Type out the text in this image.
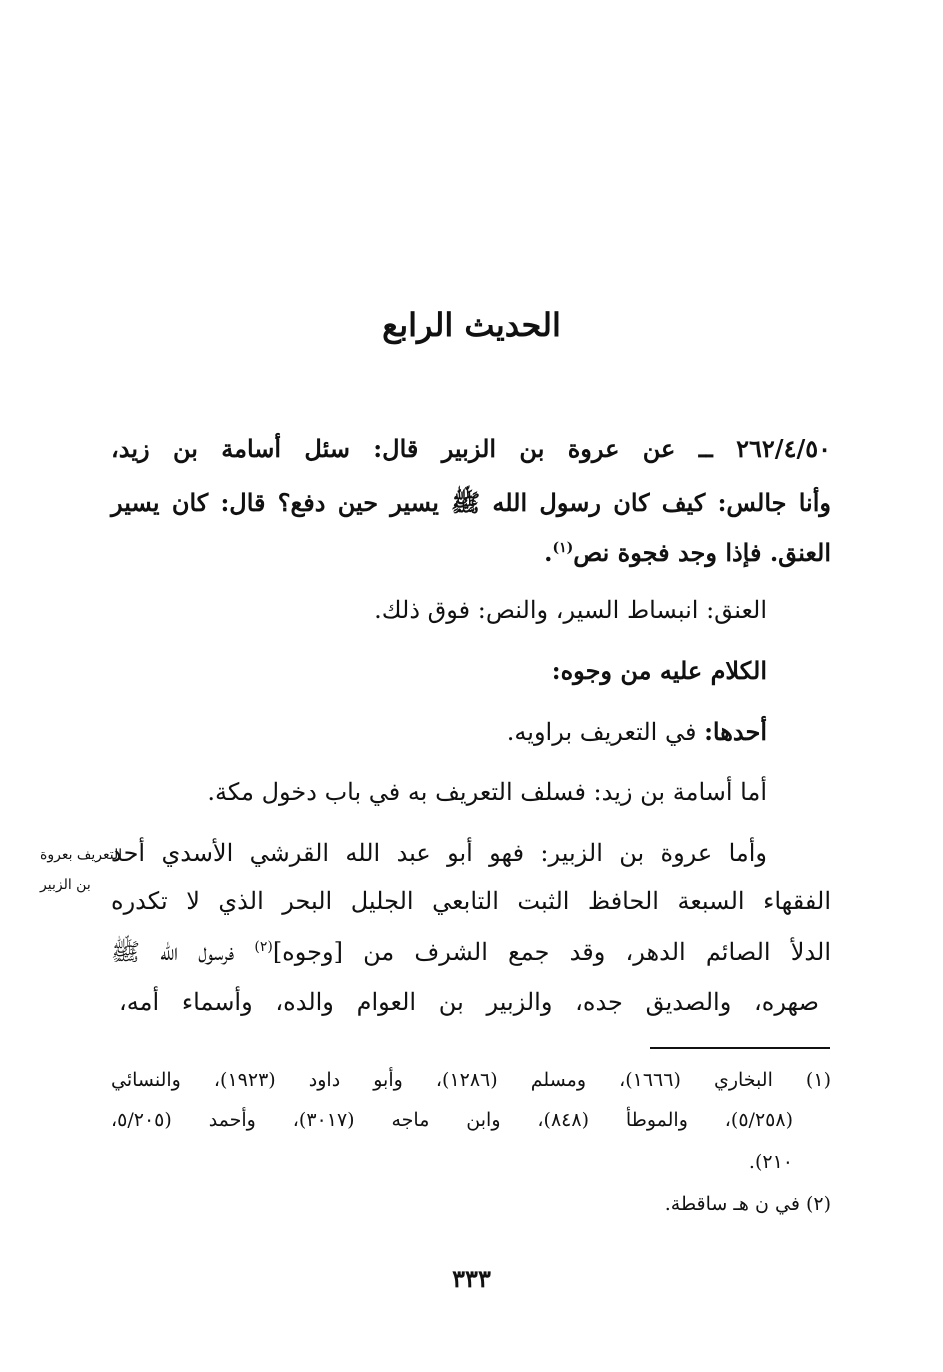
الحديث الرابع
٢٦٢/٤/٥٠ ــ عن عروة بن الزبير قال: سئل أسامة بن زيد،
وأنا جالس: كيف كان رسول الله ﷺ يسير حين دفع؟ قال: كان يسير
العنق. فإذا وجد فجوة نص$^{(١)}$.
العنق: انبساط السير، والنص: فوق ذلك.
الكلام عليه من وجوه:
أحدها: في التعريف براويه.
أما أسامة بن زيد: فسلف التعريف به في باب دخول مكة.
وأما عروة بن الزبير: فهو أبو عبد الله القرشي الأسدي أحد
الفقهاء السبعة الحافظ الثبت التابعي الجليل البحر الذي لا تكدره
الدلأ الصائم الدهر، وقد جمع الشرف من [وجوه]$^{(٢)}$ فرسول الله ﷺ
صهره، والصديق جده، والزبير بن العوام والده، وأسماء أمه،
التعريف بعروة
بن الزبير
(١) البخاري (١٦٦٦)، ومسلم (١٢٨٦)، وأبو داود (١٩٢٣)، والنسائي
(٥/٢٥٨)، والموطأ (٨٤٨)، وابن ماجه (٣٠١٧)، وأحمد (٥/٢٠٥،
٢١٠).
(٢) في ن هـ ساقطة.
٣٣٣
